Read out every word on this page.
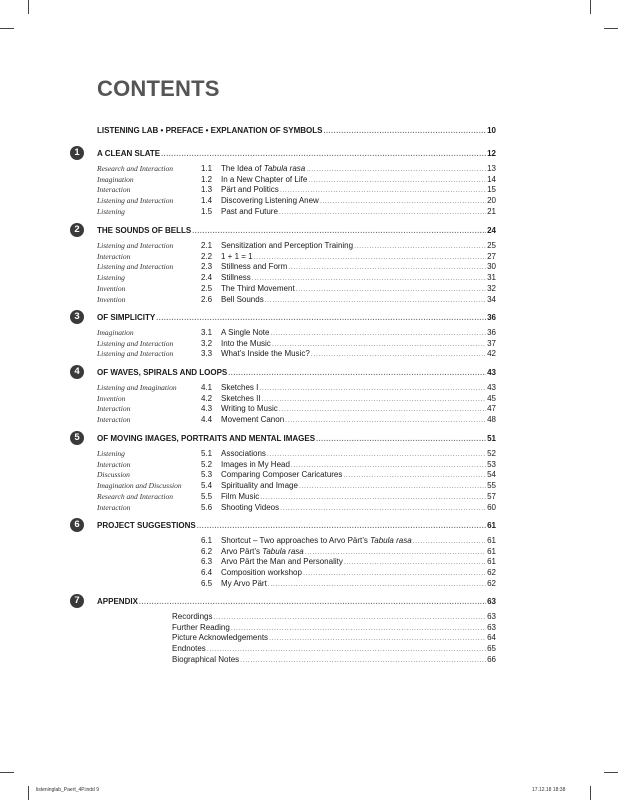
CONTENTS
LISTENING LAB • PREFACE • EXPLANATION OF SYMBOLS .....	10
1	A CLEAN SLATE .....	12
Research and Interaction	1.1	The Idea of Tabula rasa .....	13
Imagination	1.2	In a New Chapter of Life .....	14
Interaction	1.3	Pärt and Politics .....	15
Listening and Interaction	1.4	Discovering Listening Anew .....	20
Listening	1.5	Past and Future .....	21
2	THE SOUNDS OF BELLS .....	24
Listening and Interaction	2.1	Sensitization and Perception Training .....	25
Interaction	2.2	1 + 1 = 1 .....	27
Listening and Interaction	2.3	Stillness and Form .....	30
Listening	2.4	Stillness .....	31
Invention	2.5	The Third Movement .....	32
Invention	2.6	Bell Sounds .....	34
3	OF SIMPLICITY .....	36
Imagination	3.1	A Single Note .....	36
Listening and Interaction	3.2	Into the Music .....	37
Listening and Interaction	3.3	What’s Inside the Music? .....	42
4	OF WAVES, SPIRALS AND LOOPS .....	43
Listening and Imagination	4.1	Sketches I .....	43
Invention	4.2	Sketches II .....	45
Interaction	4.3	Writing to Music .....	47
Interaction	4.4	Movement Canon .....	48
5	OF MOVING IMAGES, PORTRAITS AND MENTAL IMAGES .....	51
Listening	5.1	Associations .....	52
Interaction	5.2	Images in My Head .....	53
Discussion	5.3	Comparing Composer Caricatures .....	54
Imagination and Discussion	5.4	Spirituality and Image .....	55
Research and Interaction	5.5	Film Music .....	57
Interaction	5.6	Shooting Videos .....	60
6	PROJECT SUGGESTIONS .....	61
6.1	Shortcut – Two approaches to Arvo Pärt’s Tabula rasa .....	61
6.2	Arvo Pärt’s Tabula rasa .....	61
6.3	Arvo Pärt the Man and Personality .....	61
6.4	Composition workshop .....	62
6.5	My Arvo Pärt .....	62
7	APPENDIX .....	63
Recordings .....	63
Further Reading .....	63
Picture Acknowledgements .....	64
Endnotes .....	65
Biographical Notes .....	66
listeninglab_Paert_4P.indd 9	17.12.18 18:38
